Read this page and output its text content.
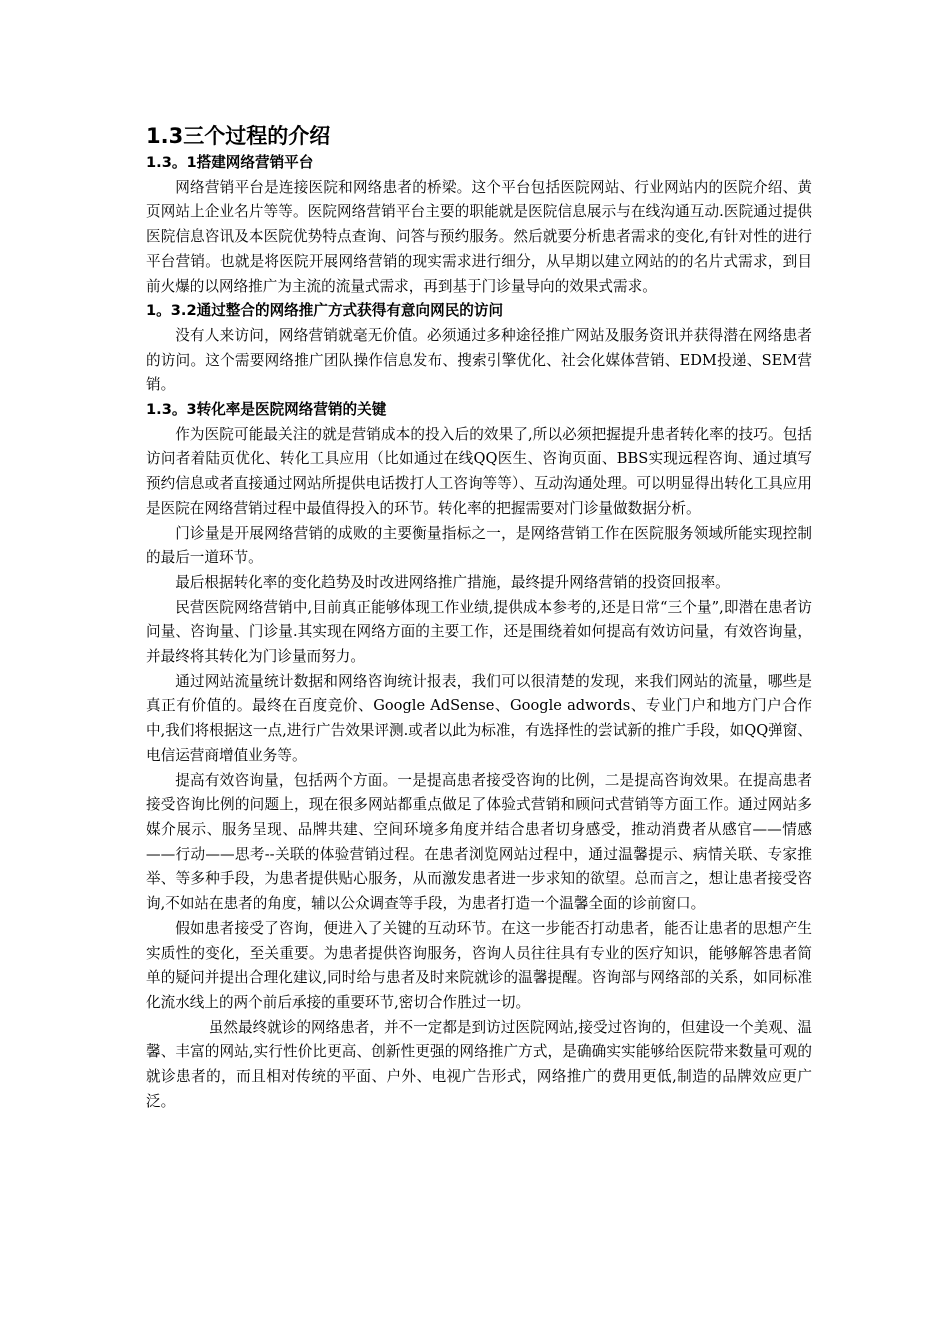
1.3三个过程的介绍
1.3。1搭建网络营销平台
网络营销平台是连接医院和网络患者的桥梁。这个平台包括医院网站、行业网站内的医院介绍、黄页网站上企业名片等等。医院网络营销平台主要的职能就是医院信息展示与在线沟通互动.医院通过提供医院信息咨讯及本医院优势特点查询、问答与预约服务。然后就要分析患者需求的变化,有针对性的进行平台营销。也就是将医院开展网络营销的现实需求进行细分，从早期以建立网站的的名片式需求，到目前火爆的以网络推广为主流的流量式需求，再到基于门诊量导向的效果式需求。
1。3.2通过整合的网络推广方式获得有意向网民的访问
没有人来访问，网络营销就毫无价值。必须通过多种途径推广网站及服务资讯并获得潜在网络患者的访问。这个需要网络推广团队操作信息发布、搜索引擎优化、社会化媒体营销、EDM投递、SEM营销。
1.3。3转化率是医院网络营销的关键
作为医院可能最关注的就是营销成本的投入后的效果了,所以必须把握提升患者转化率的技巧。包括访问者着陆页优化、转化工具应用（比如通过在线QQ医生、咨询页面、BBS实现远程咨询、通过填写预约信息或者直接通过网站所提供电话拨打人工咨询等等）、互动沟通处理。可以明显得出转化工具应用是医院在网络营销过程中最值得投入的环节。转化率的把握需要对门诊量做数据分析。
门诊量是开展网络营销的成败的主要衡量指标之一，是网络营销工作在医院服务领域所能实现控制的最后一道环节。
最后根据转化率的变化趋势及时改进网络推广措施，最终提升网络营销的投资回报率。
民营医院网络营销中,目前真正能够体现工作业绩,提供成本参考的,还是日常“三个量”,即潜在患者访问量、咨询量、门诊量.其实现在网络方面的主要工作，还是围绕着如何提高有效访问量，有效咨询量，并最终将其转化为门诊量而努力。
通过网站流量统计数据和网络咨询统计报表，我们可以很清楚的发现，来我们网站的流量，哪些是真正有价值的。最终在百度竞价、Google AdSense、Google adwords、专业门户和地方门户合作中,我们将根据这一点,进行广告效果评测.或者以此为标准，有选择性的尝试新的推广手段，如QQ弹窗、电信运营商增值业务等。
提高有效咨询量，包括两个方面。一是提高患者接受咨询的比例，二是提高咨询效果。在提高患者接受咨询比例的问题上，现在很多网站都重点做足了体验式营销和顾问式营销等方面工作。通过网站多媒介展示、服务呈现、品牌共建、空间环境多角度并结合患者切身感受，推动消费者从感官——情感——行动——思考--关联的体验营销过程。在患者浏览网站过程中，通过温馨提示、病情关联、专家推举、等多种手段，为患者提供贴心服务，从而激发患者进一步求知的欲望。总而言之，想让患者接受咨询,不如站在患者的角度，辅以公众调查等手段，为患者打造一个温馨全面的诊前窗口。
假如患者接受了咨询，便进入了关键的互动环节。在这一步能否打动患者，能否让患者的思想产生实质性的变化，至关重要。为患者提供咨询服务，咨询人员往往具有专业的医疗知识，能够解答患者简单的疑问并提出合理化建议,同时给与患者及时来院就诊的温馨提醒。咨询部与网络部的关系，如同标准化流水线上的两个前后承接的重要环节,密切合作胜过一切。
虽然最终就诊的网络患者，并不一定都是到访过医院网站,接受过咨询的，但建设一个美观、温馨、丰富的网站,实行性价比更高、创新性更强的网络推广方式，是确确实实能够给医院带来数量可观的就诊患者的，而且相对传统的平面、户外、电视广告形式，网络推广的费用更低,制造的品牌效应更广泛。
